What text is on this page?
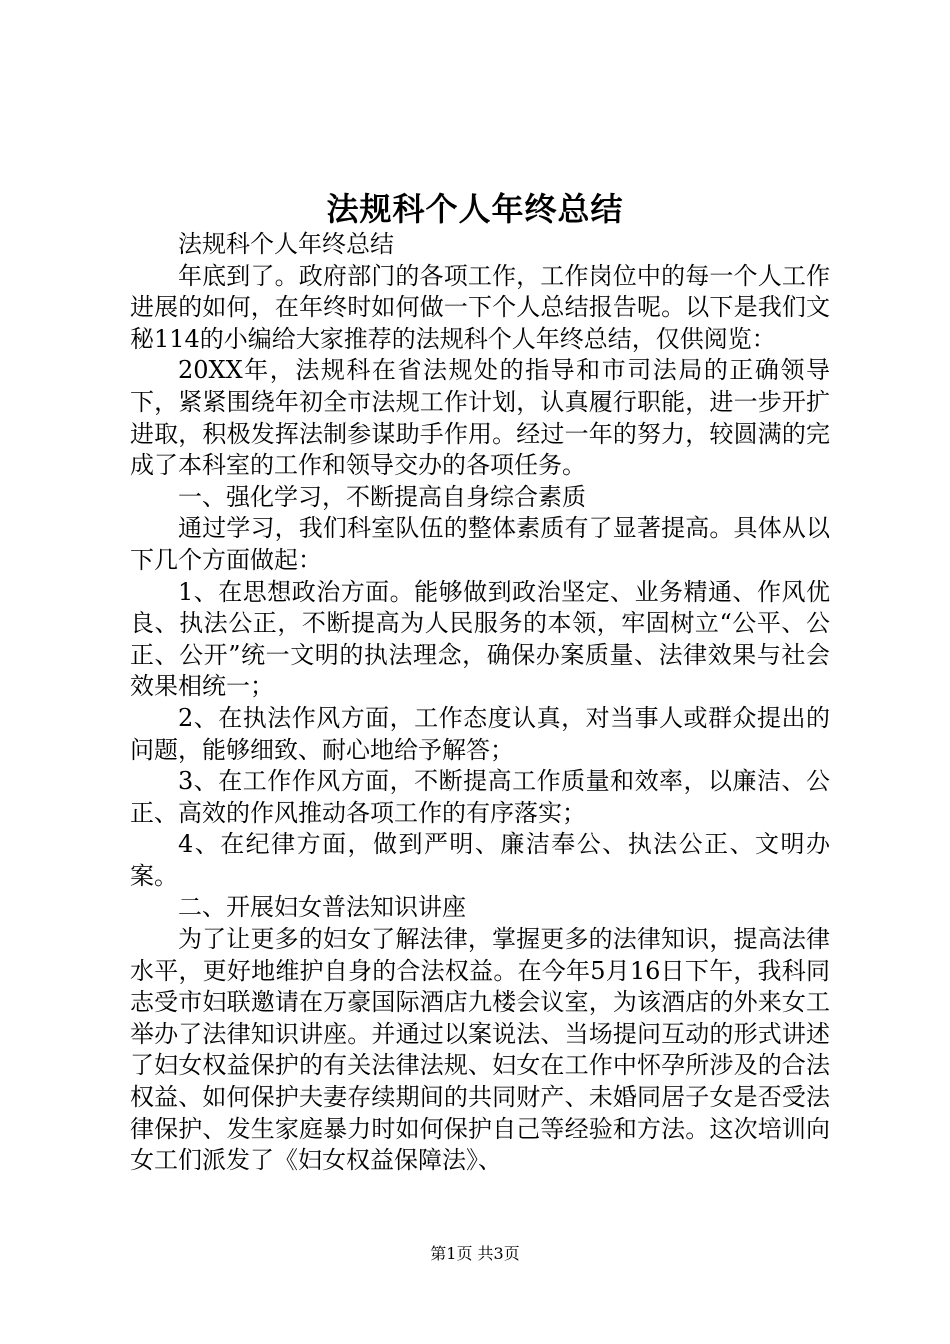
法规科个人年终总结

法规科个人年终总结

年底到了。政府部门的各项工作，工作岗位中的每一个人工作进展的如何，在年终时如何做一下个人总结报告呢。以下是我们文秘114的小编给大家推荐的法规科个人年终总结，仅供阅览：

20XX年，法规科在省法规处的指导和市司法局的正确领导下，紧紧围绕年初全市法规工作计划，认真履行职能，进一步开扩进取，积极发挥法制参谋助手作用。经过一年的努力，较圆满的完成了本科室的工作和领导交办的各项任务。

一、强化学习，不断提高自身综合素质

通过学习，我们科室队伍的整体素质有了显著提高。具体从以下几个方面做起：

1、在思想政治方面。能够做到政治坚定、业务精通、作风优良、执法公正，不断提高为人民服务的本领，牢固树立“公平、公正、公开”统一文明的执法理念，确保办案质量、法律效果与社会效果相统一；

2、在执法作风方面，工作态度认真，对当事人或群众提出的问题，能够细致、耐心地给予解答；

3、在工作作风方面，不断提高工作质量和效率，以廉洁、公正、高效的作风推动各项工作的有序落实；

4、在纪律方面，做到严明、廉洁奉公、执法公正、文明办案。

二、开展妇女普法知识讲座

为了让更多的妇女了解法律，掌握更多的法律知识，提高法律水平，更好地维护自身的合法权益。在今年5月16日下午，我科同志受市妇联邀请在万豪国际酒店九楼会议室，为该酒店的外来女工举办了法律知识讲座。并通过以案说法、当场提问互动的形式讲述了妇女权益保护的有关法律法规、妇女在工作中怀孕所涉及的合法权益、如何保护夫妻存续期间的共同财产、未婚同居子女是否受法律保护、发生家庭暴力时如何保护自己等经验和方法。这次培训向女工们派发了《妇女权益保障法》、

第1页 共3页
